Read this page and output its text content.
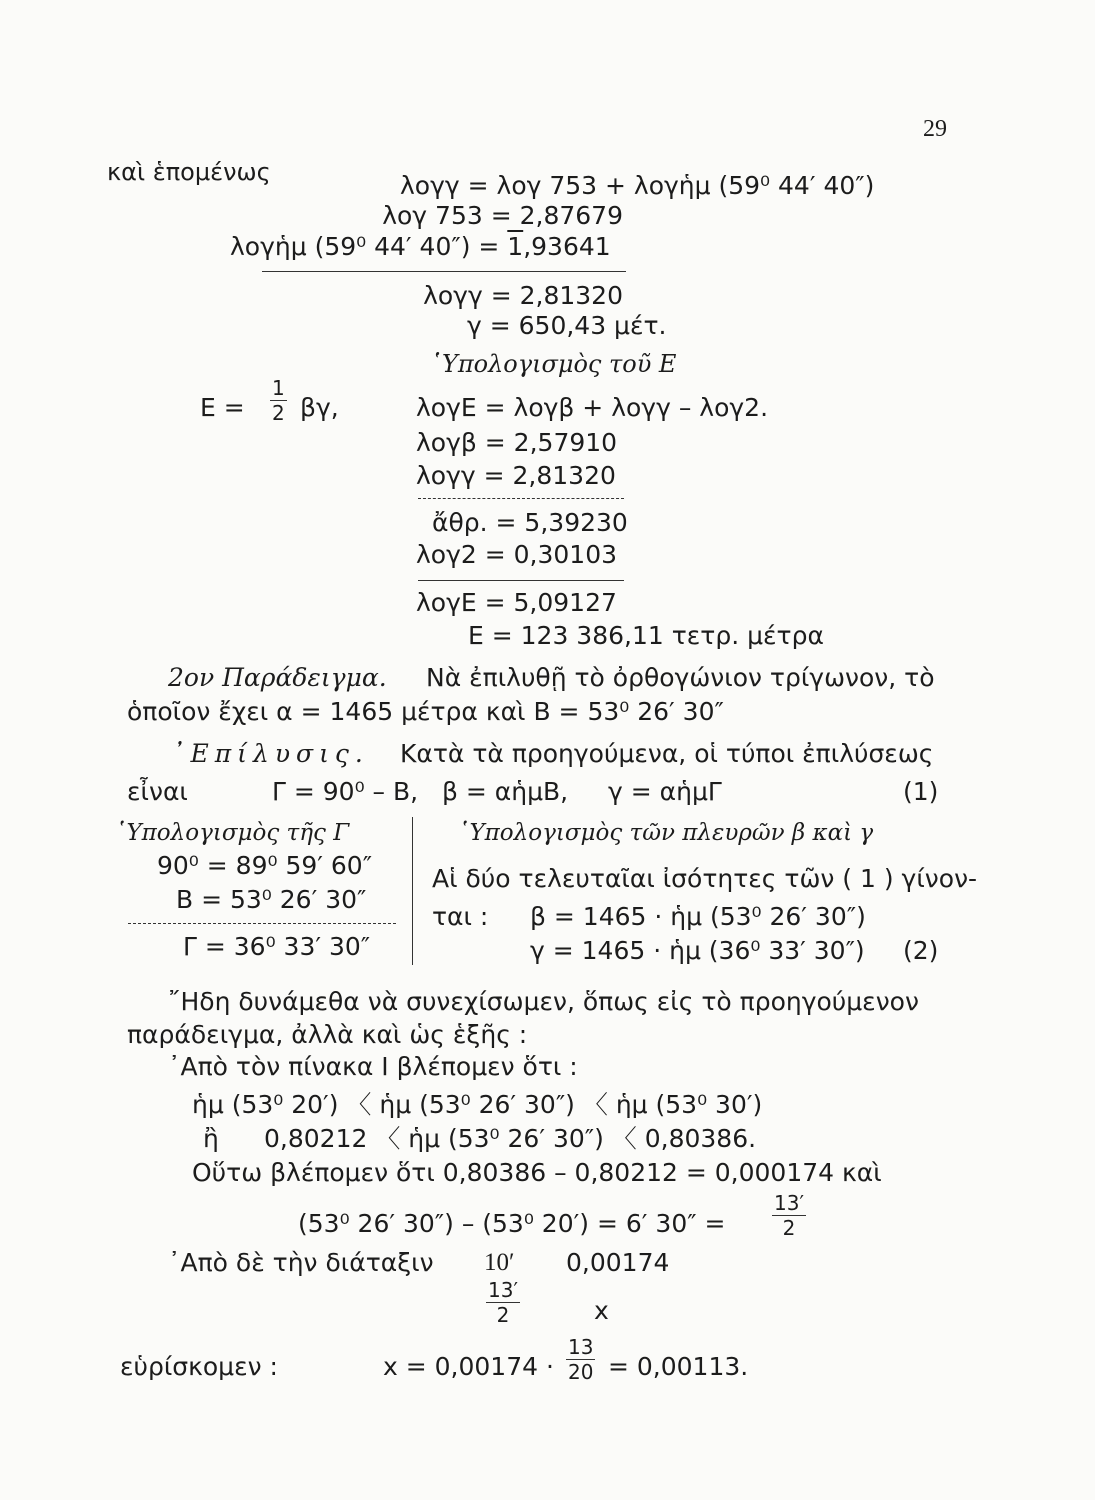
29
καὶ ἑπομένως	λογγ = λογ 753 + λογἡμ (59⁰ 44′ 40″)
λογ 753 = 2,87679
λογἡμ (59⁰ 44′ 40″) = 1,93641
λογγ = 2,81320
γ = 650,43 μέτ.
῾Υπολογισμὸς τοῦ Ε
$E = \frac{1}{2} \beta\gamma$,	λογΕ = λογβ + λογγ – λογ2.
λογβ = 2,57910
λογγ = 2,81320
ἄθρ. = 5,39230
λογ2 = 0,30103
λογΕ = 5,09127
Ε = 123 386,11 τετρ. μέτρα
2ον Παράδειγμα. Νὰ ἐπιλυθῇ τὸ ὀρθογώνιον τρίγωνον, τὸ
ὁποῖον ἔχει α = 1465 μέτρα καὶ Β = 53⁰ 26′ 30″
᾿Επίλυσις. Κατὰ τὰ προηγούμενα, οἱ τύποι ἐπιλύσεως
εἶναι	Γ = 90⁰ – Β, β = αἡμΒ, γ = αἡμΓ	(1)
῾Υπολογισμὸς τῆς Γ
90⁰ = 89⁰ 59′ 60″
Β = 53⁰ 26′ 30″
Γ = 36⁰ 33′ 30″
῾Υπολογισμὸς τῶν πλευρῶν β καὶ γ
Αἱ δύο τελευταῖαι ἰσότητες τῶν ( 1 ) γίνον-
ται : β = 1465 · ἡμ (53⁰ 26′ 30″)
γ = 1465 · ἡμ (36⁰ 33′ 30″) (2)
῎Ηδη δυνάμεθα νὰ συνεχίσωμεν, ὅπως εἰς τὸ προηγούμενον
παράδειγμα, ἀλλὰ καὶ ὡς ἑξῆς :
᾿Απὸ τὸν πίνακα Ι βλέπομεν ὅτι :
ἡμ (53⁰ 20′) 〈 ἡμ (53⁰ 26′ 30″) 〈 ἡμ (53⁰ 30′)
ἢ 0,80212 〈 ἡμ (53⁰ 26′ 30″) 〈 0,80386.
Οὕτω βλέπομεν ὅτι 0,80386 – 0,80212 = 0,000174 καὶ
(53⁰ 26′ 30″) – (53⁰ 20′) = 6′ $30'' = \frac{13'}{2}$
᾿Απὸ δὲ τὴν διάταξιν 10′ 0,00174
$\frac{13'}{2}$	x
εὑρίσκομεν :	$x = 0,00174 \cdot \frac{13}{20} = 0,00113$.
